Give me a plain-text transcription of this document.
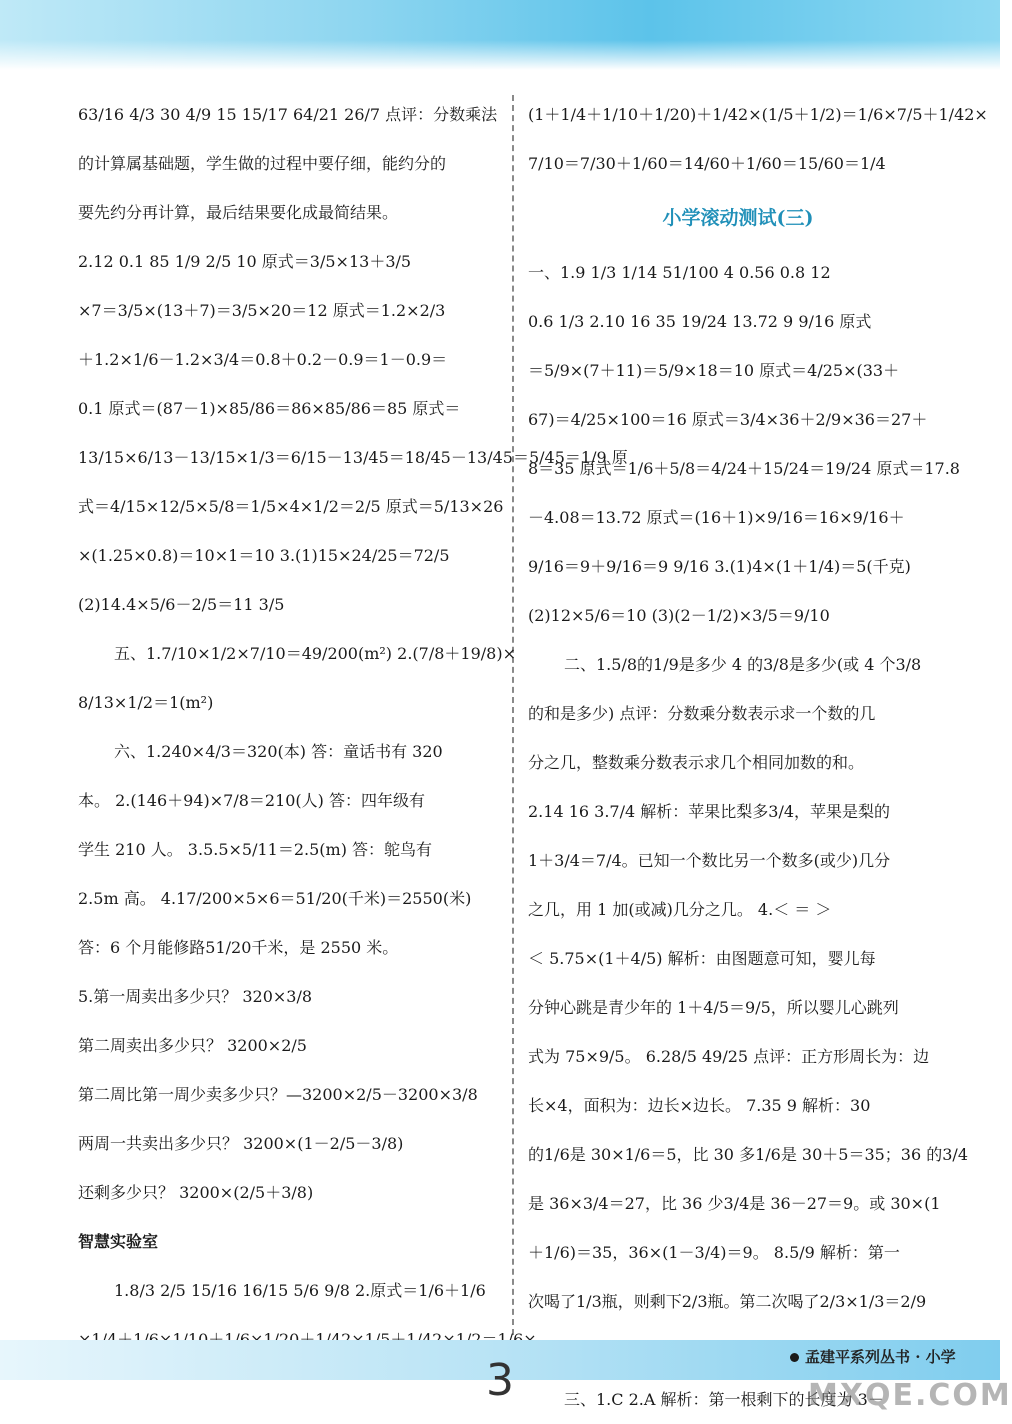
63/16 4/3 30 4/9 15 15/17 64/21 26/7 点评：分数乘法
的计算属基础题，学生做的过程中要仔细，能约分的
要先约分再计算，最后结果要化成最简结果。
2.12 0.1 85 1/9 2/5 10 原式＝3/5×13＋3/5
×7＝3/5×(13＋7)＝3/5×20＝12 原式＝1.2×2/3
＋1.2×1/6－1.2×3/4＝0.8＋0.2－0.9＝1－0.9＝
0.1 原式＝(87－1)×85/86＝86×85/86＝85 原式＝
13/15×6/13－13/15×1/3＝6/15－13/45＝18/45－13/45＝5/45＝1/9 原
式＝4/15×12/5×5/8＝1/5×4×1/2＝2/5 原式＝5/13×26
×(1.25×0.8)＝10×1＝10 3.(1)15×24/25＝72/5
(2)14.4×5/6－2/5＝11 3/5
五、1.7/10×1/2×7/10＝49/200(m²) 2.(7/8＋19/8)×
8/13×1/2＝1(m²)
六、1.240×4/3＝320(本) 答：童话书有 320
本。 2.(146＋94)×7/8＝210(人) 答：四年级有
学生 210 人。 3.5.5×5/11＝2.5(m) 答：鸵鸟有
2.5m 高。 4.17/200×5×6＝51/20(千米)＝2550(米)
答：6 个月能修路51/20千米，是 2550 米。
5.第一周卖出多少只？ 320×3/8
第二周卖出多少只？ 3200×2/5
第二周比第一周少卖多少只？—3200×2/5－3200×3/8
两周一共卖出多少只？ 3200×(1－2/5－3/8)
还剩多少只？ 3200×(2/5＋3/8)
智慧实验室
1.8/3 2/5 15/16 16/15 5/6 9/8 2.原式＝1/6＋1/6
(1＋1/4＋1/10＋1/20)＋1/42×(1/5＋1/2)＝1/6×7/5＋1/42×
7/10＝7/30＋1/60＝14/60＋1/60＝15/60＝1/4
小学滚动测试(三)
一、1.9 1/3 1/14 51/100 4 0.56 0.8 12
0.6 1/3 2.10 16 35 19/24 13.72 9 9/16 原式
＝5/9×(7＋11)＝5/9×18＝10 原式＝4/25×(33＋
67)＝4/25×100＝16 原式＝3/4×36＋2/9×36＝27＋
8＝35 原式＝1/6＋5/8＝4/24＋15/24＝19/24 原式＝17.8
－4.08＝13.72 原式＝(16＋1)×9/16＝16×9/16＋
9/16＝9＋9/16＝9 9/16 3.(1)4×(1＋1/4)＝5(千克)
(2)12×5/6＝10 (3)(2－1/2)×3/5＝9/10
二、1.5/8的1/9是多少 4 的3/8是多少(或 4 个3/8
的和是多少) 点评：分数乘分数表示求一个数的几
分之几，整数乘分数表示求几个相同加数的和。
2.14 16 3.7/4 解析：苹果比梨多3/4，苹果是梨的
1＋3/4＝7/4。已知一个数比另一个数多(或少)几分
之几，用 1 加(或减)几分之几。 4.＜ ＝ ＞
＜ 5.75×(1＋4/5) 解析：由图题意可知，婴儿每
分钟心跳是青少年的 1＋4/5＝9/5，所以婴儿心跳列
式为 75×9/5。 6.28/5 49/25 点评：正方形周长为：边
长×4，面积为：边长×边长。 7.35 9 解析：30
的1/6是 30×1/6＝5，比 30 多1/6是 30＋5＝35；36 的3/4
是 36×3/4＝27，比 36 少3/4是 36－27＝9。或 30×(1
＋1/6)＝35，36×(1－3/4)＝9。 8.5/9 解析：第一
次喝了1/3瓶，则剩下2/3瓶。第二次喝了2/3×1/3＝2/9
三、1.C 2.A 解析：第一根剩下的长度为 3－
孟建平系列丛书 · 小学
3	MXQE.COM
